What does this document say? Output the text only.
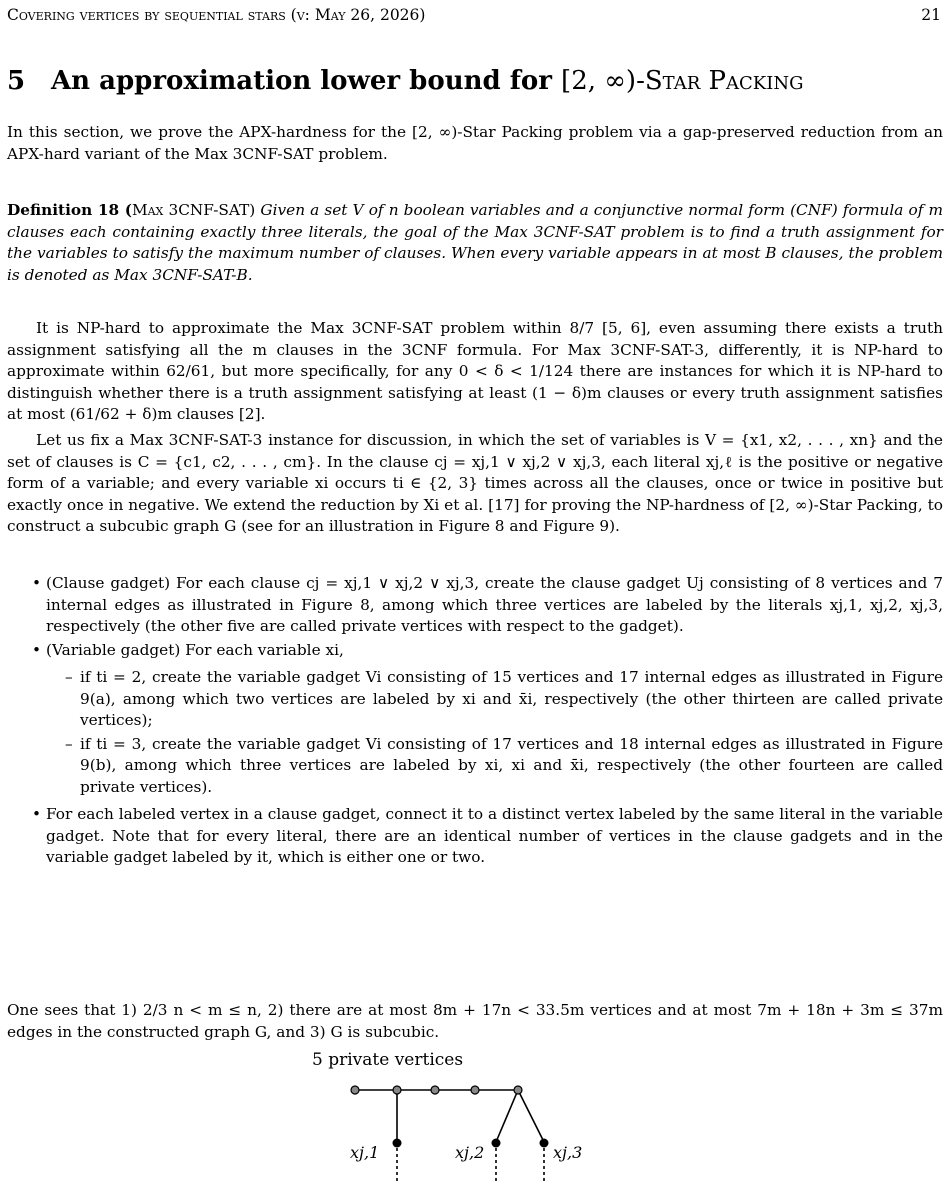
Covering vertices by sequential stars (v: May 26, 2026)	21
5 An approximation lower bound for [2, ∞)-Star Packing
In this section, we prove the APX-hardness for the [2, ∞)-Star Packing problem via a gap-preserved reduction from an APX-hard variant of the Max 3CNF-SAT problem.
Definition 18 (Max 3CNF-SAT) Given a set V of n boolean variables and a conjunctive normal form (CNF) formula of m clauses each containing exactly three literals, the goal of the Max 3CNF-SAT problem is to find a truth assignment for the variables to satisfy the maximum number of clauses. When every variable appears in at most B clauses, the problem is denoted as Max 3CNF-SAT-B.
It is NP-hard to approximate the Max 3CNF-SAT problem within 8/7 [5, 6], even assuming there exists a truth assignment satisfying all the m clauses in the 3CNF formula. For Max 3CNF-SAT-3, differently, it is NP-hard to approximate within 62/61, but more specifically, for any 0 < δ < 1/124 there are instances for which it is NP-hard to distinguish whether there is a truth assignment satisfying at least (1 − δ)m clauses or every truth assignment satisfies at most (61/62 + δ)m clauses [2].
Let us fix a Max 3CNF-SAT-3 instance for discussion, in which the set of variables is V = {x1, x2, . . . , xn} and the set of clauses is C = {c1, c2, . . . , cm}. In the clause cj = xj,1 ∨ xj,2 ∨ xj,3, each literal xj,ℓ is the positive or negative form of a variable; and every variable xi occurs ti ∈ {2, 3} times across all the clauses, once or twice in positive but exactly once in negative. We extend the reduction by Xi et al. [17] for proving the NP-hardness of [2, ∞)-Star Packing, to construct a subcubic graph G (see for an illustration in Figure 8 and Figure 9).
• (Clause gadget) For each clause cj = xj,1 ∨ xj,2 ∨ xj,3, create the clause gadget Uj consisting of 8 vertices and 7 internal edges as illustrated in Figure 8, among which three vertices are labeled by the literals xj,1, xj,2, xj,3, respectively (the other five are called private vertices with respect to the gadget).
• (Variable gadget) For each variable xi,
– if ti = 2, create the variable gadget Vi consisting of 15 vertices and 17 internal edges as illustrated in Figure 9(a), among which two vertices are labeled by xi and x̄i, respectively (the other thirteen are called private vertices);
– if ti = 3, create the variable gadget Vi consisting of 17 vertices and 18 internal edges as illustrated in Figure 9(b), among which three vertices are labeled by xi, xi and x̄i, respectively (the other fourteen are called private vertices).
• For each labeled vertex in a clause gadget, connect it to a distinct vertex labeled by the same literal in the variable gadget. Note that for every literal, there are an identical number of vertices in the clause gadgets and in the variable gadget labeled by it, which is either one or two.
One sees that 1) 2/3 n < m ≤ n, 2) there are at most 8m + 17n < 33.5m vertices and at most 7m + 18n + 3m ≤ 37m edges in the constructed graph G, and 3) G is subcubic.
5 private vertices
xj,1	xj,2	xj,3
